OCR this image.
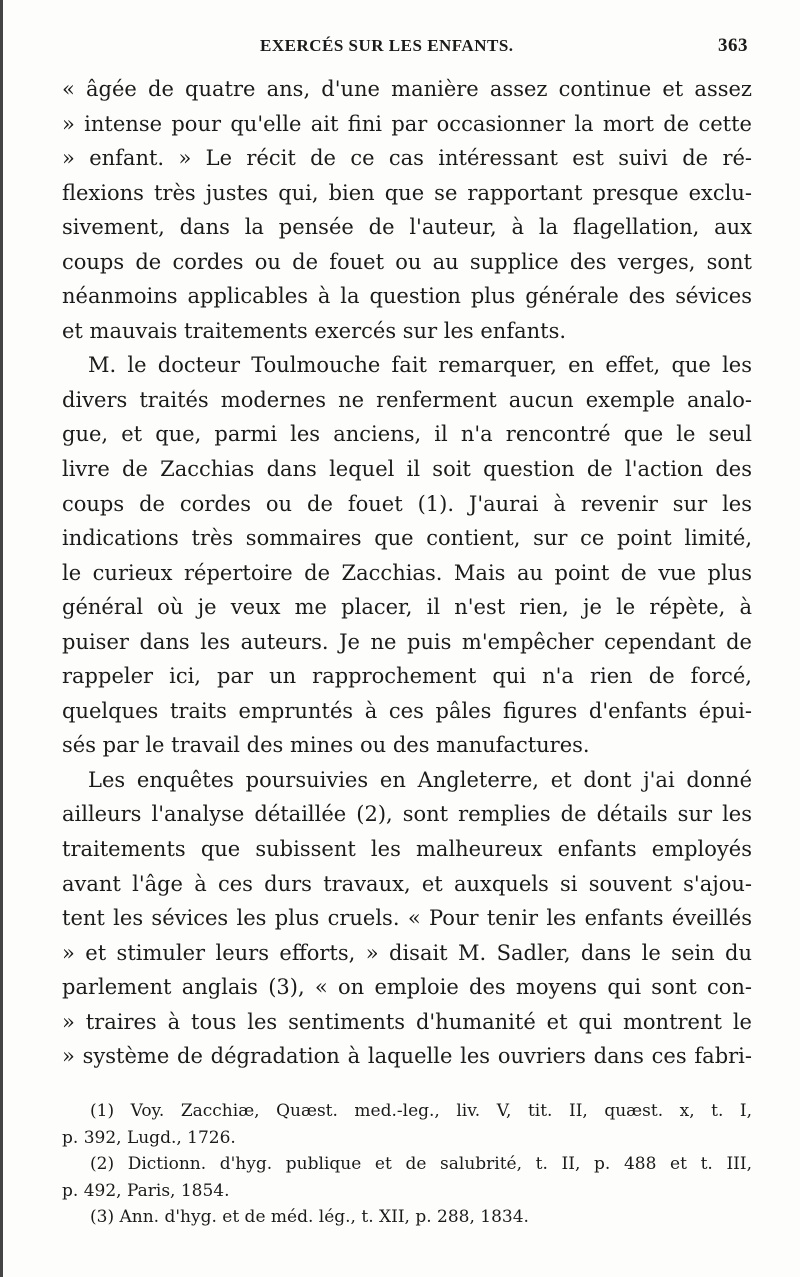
EXERCÉS SUR LES ENFANTS.	363
« âgée de quatre ans, d'une manière assez continue et assez
» intense pour qu'elle ait fini par occasionner la mort de cette
» enfant. » Le récit de ce cas intéressant est suivi de ré-
flexions très justes qui, bien que se rapportant presque exclu-
sivement, dans la pensée de l'auteur, à la flagellation, aux
coups de cordes ou de fouet ou au supplice des verges, sont
néanmoins applicables à la question plus générale des sévices
et mauvais traitements exercés sur les enfants.
M. le docteur Toulmouche fait remarquer, en effet, que les
divers traités modernes ne renferment aucun exemple analo-
gue, et que, parmi les anciens, il n'a rencontré que le seul
livre de Zacchias dans lequel il soit question de l'action des
coups de cordes ou de fouet (1). J'aurai à revenir sur les
indications très sommaires que contient, sur ce point limité,
le curieux répertoire de Zacchias. Mais au point de vue plus
général où je veux me placer, il n'est rien, je le répète, à
puiser dans les auteurs. Je ne puis m'empêcher cependant de
rappeler ici, par un rapprochement qui n'a rien de forcé,
quelques traits empruntés à ces pâles figures d'enfants épui-
sés par le travail des mines ou des manufactures.
Les enquêtes poursuivies en Angleterre, et dont j'ai donné
ailleurs l'analyse détaillée (2), sont remplies de détails sur les
traitements que subissent les malheureux enfants employés
avant l'âge à ces durs travaux, et auxquels si souvent s'ajou-
tent les sévices les plus cruels. « Pour tenir les enfants éveillés
» et stimuler leurs efforts, » disait M. Sadler, dans le sein du
parlement anglais (3), « on emploie des moyens qui sont con-
» traires à tous les sentiments d'humanité et qui montrent le
» système de dégradation à laquelle les ouvriers dans ces fabri-
(1) Voy. Zacchiæ, Quæst. med.-leg., liv. V, tit. II, quæst. x, t. I,
p. 392, Lugd., 1726.
(2) Dictionn. d'hyg. publique et de salubrité, t. II, p. 488 et t. III,
p. 492, Paris, 1854.
(3) Ann. d'hyg. et de méd. lég., t. XII, p. 288, 1834.
